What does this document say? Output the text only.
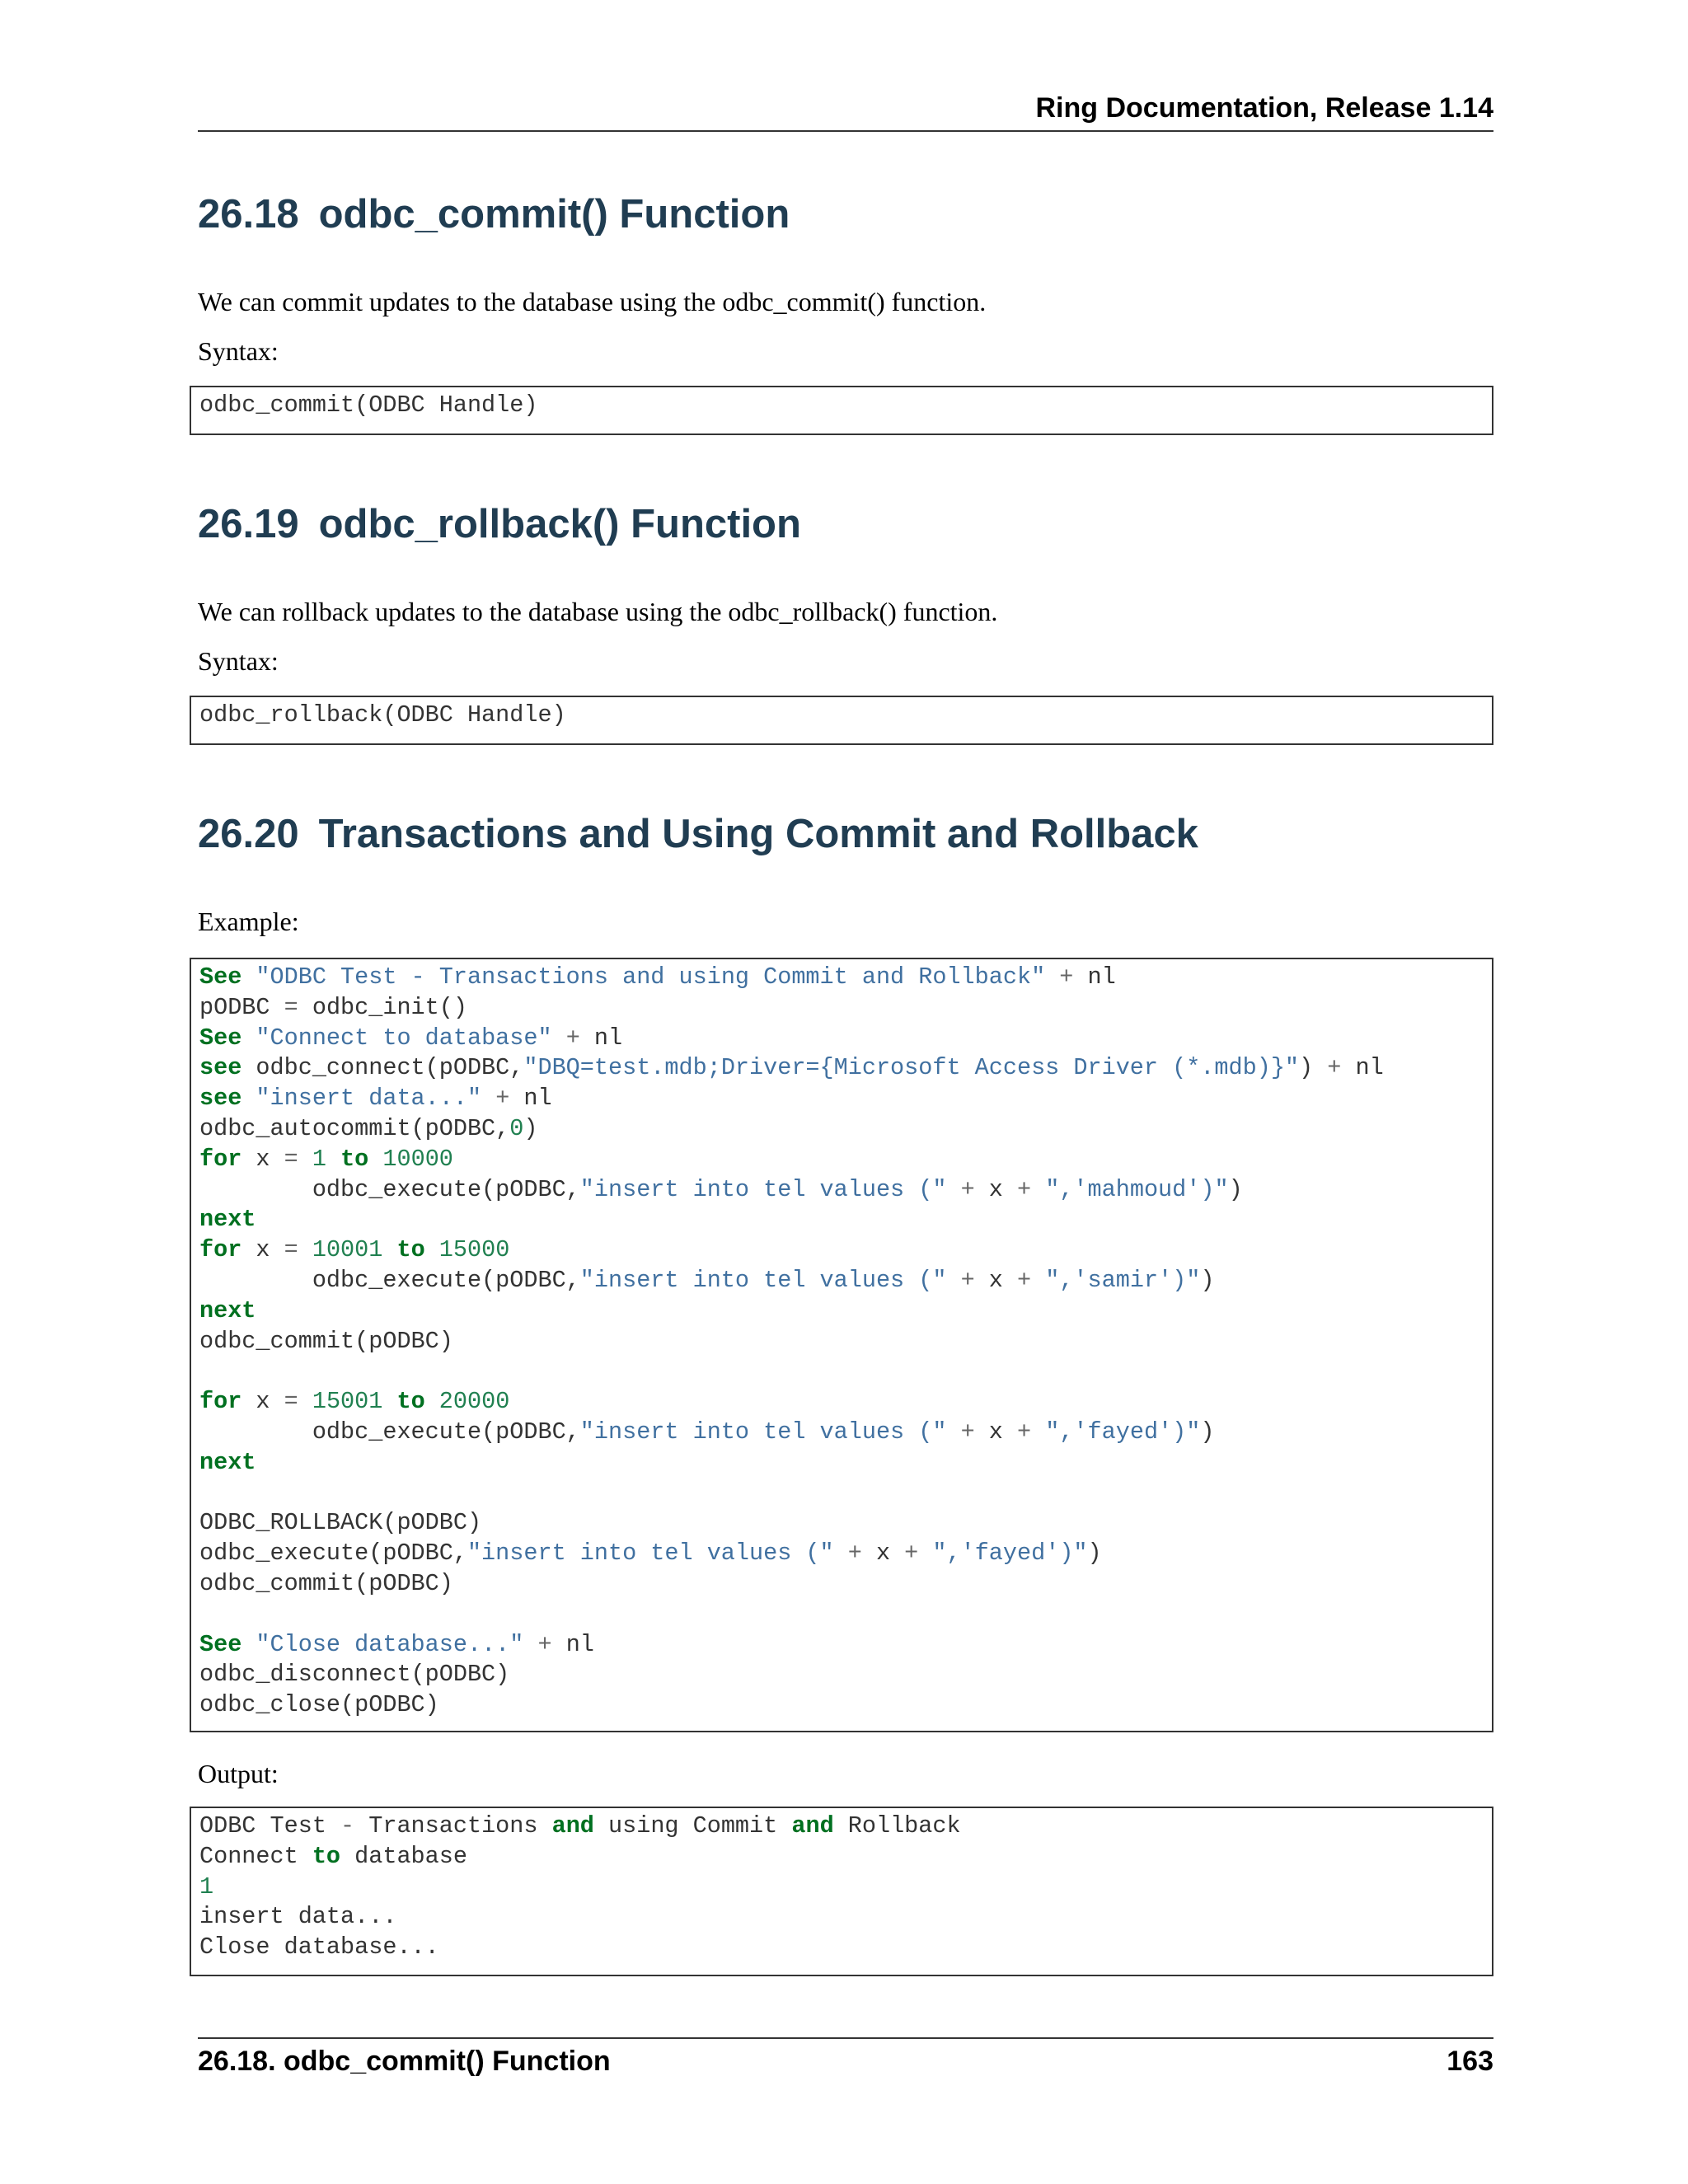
Ring Documentation, Release 1.14
26.18 odbc_commit() Function
We can commit updates to the database using the odbc_commit() function.
Syntax:
odbc_commit(ODBC Handle)
26.19 odbc_rollback() Function
We can rollback updates to the database using the odbc_rollback() function.
Syntax:
odbc_rollback(ODBC Handle)
26.20 Transactions and Using Commit and Rollback
Example:
See "ODBC Test - Transactions and using Commit and Rollback" + nl
pODBC = odbc_init()
See "Connect to database" + nl
see odbc_connect(pODBC,"DBQ=test.mdb;Driver={Microsoft Access Driver (*.mdb)}") + nl
see "insert data..." + nl
odbc_autocommit(pODBC,0)
for x = 1 to 10000
odbc_execute(pODBC,"insert into tel values (" + x + ",'mahmoud')")
next
for x = 10001 to 15000
odbc_execute(pODBC,"insert into tel values (" + x + ",'samir')")
next
odbc_commit(pODBC)

for x = 15001 to 20000
odbc_execute(pODBC,"insert into tel values (" + x + ",'fayed')")
next

ODBC_ROLLBACK(pODBC)
odbc_execute(pODBC,"insert into tel values (" + x + ",'fayed')")
odbc_commit(pODBC)

See "Close database..." + nl
odbc_disconnect(pODBC)
odbc_close(pODBC)
Output:
ODBC Test - Transactions and using Commit and Rollback
Connect to database
1
insert data...
Close database...
26.18. odbc_commit() Function	163
